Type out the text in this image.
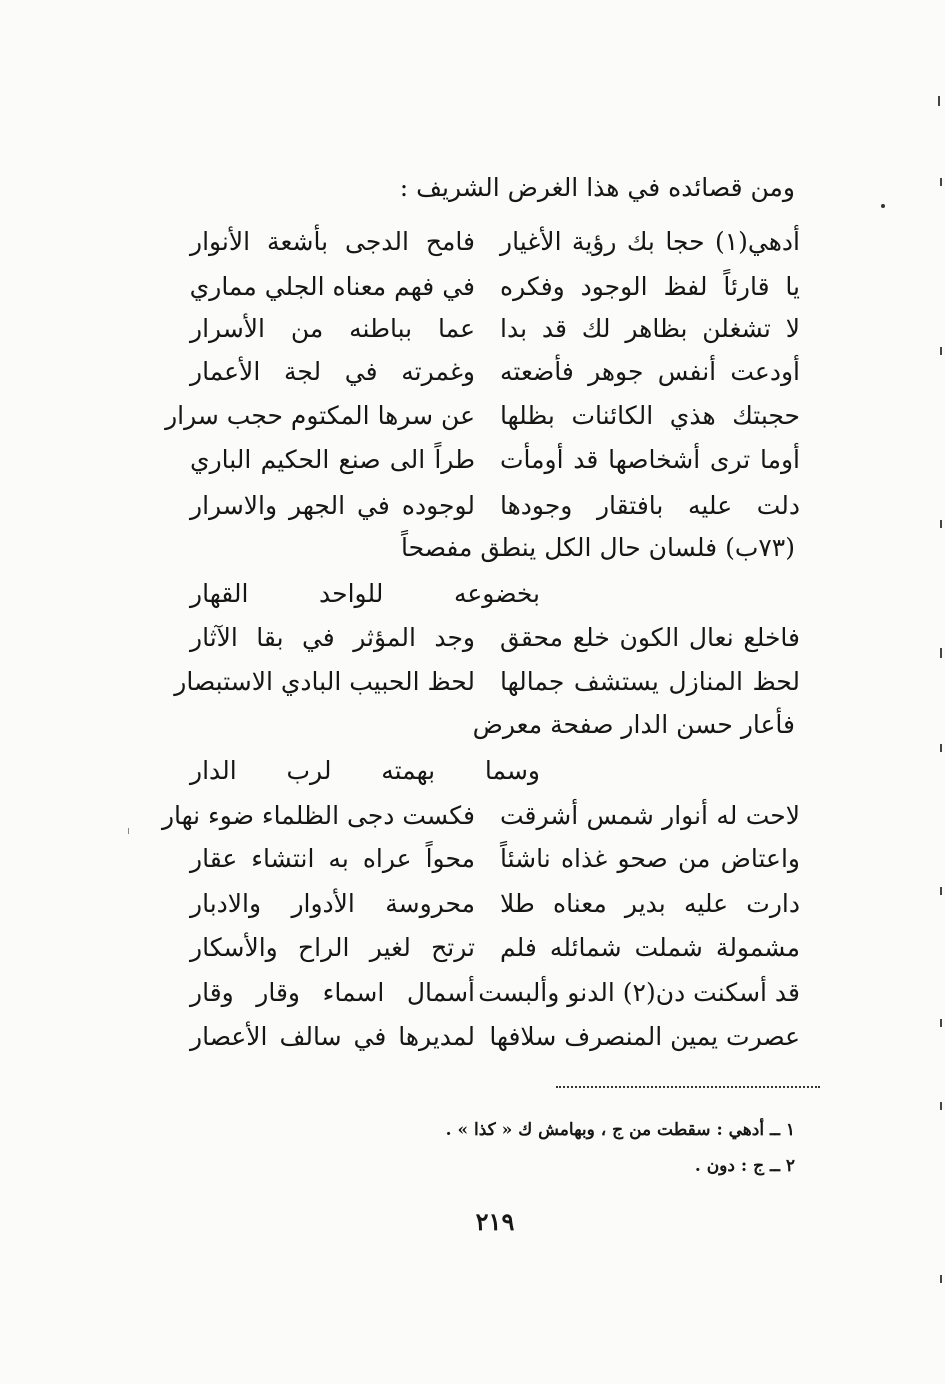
ومن قصائده في هذا الغرض الشريف :
أدهي(١) حجا بك رؤية الأغيار
فامح الدجى بأشعة الأنوار
يا قارئاً لفظ الوجود وفكره
في فهم معناه الجلي مماري
لا تشغلن بظاهر لك قد بدا
عما بباطنه من الأسرار
أودعت أنفس جوهر فأضعته
وغمرته في لجة الأعمار
حجبتك هذي الكائنات بظلها
عن سرها المكتوم حجب سرار
أوما ترى أشخاصها قد أومأت
طراً الى صنع الحكيم الباري
دلت عليه بافتقار وجودها
لوجوده في الجهر والاسرار
(٧٣ب) فلسان حال الكل ينطق مفصحاً
بخضوعه للواحد القهار
فاخلع نعال الكون خلع محقق
وجد المؤثر في بقا الآثار
لحظ المنازل يستشف جمالها
لحظ الحبيب البادي الاستبصار
فأعار حسن الدار صفحة معرض
وسما بهمته لرب الدار
لاحت له أنوار شمس أشرقت
فكست دجى الظلماء ضوء نهار
واعتاض من صحو غذاه ناشئاً
محواً عراه به انتشاء عقار
دارت عليه بدير معناه طلا
محروسة الأدوار والادبار
مشمولة شملت شمائله فلم
ترتح لغير الراح والأسكار
قد أسكنت دن(٢) الدنو وألبست
أسمال اسماء وقار وقار
عصرت يمين المنصرف سلافها
لمديرها في سالف الأعصار
١ ــ أدهي : سقطت من ج ، وبهامش ك « كذا » .
٢ ــ ج : دون .
٢١٩
